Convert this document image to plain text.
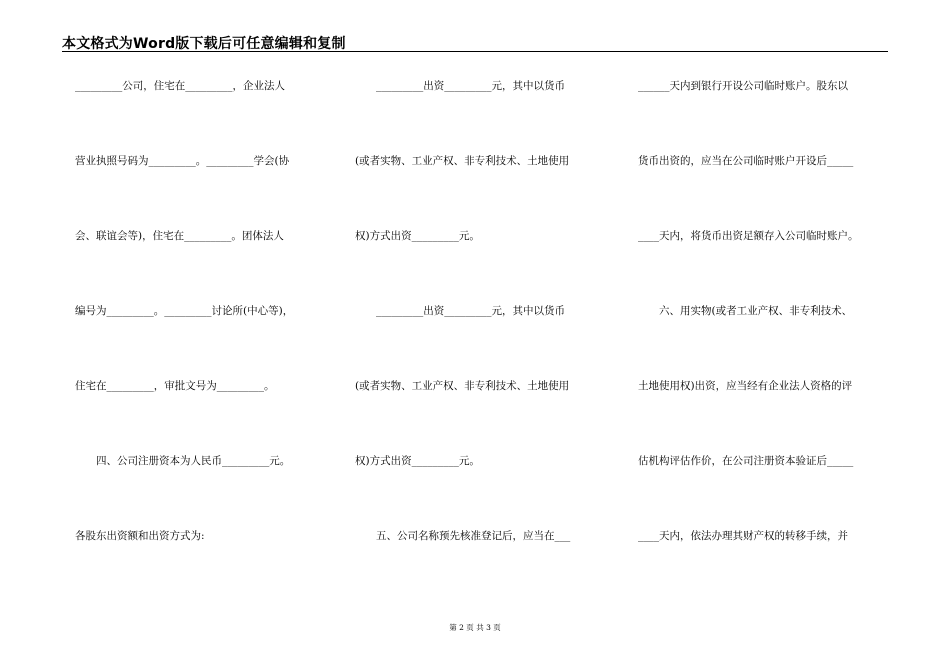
本文格式为Word版下载后可任意编辑和复制
_________公司，住宅在_________，企业法人
营业执照号码为_________。_________学会(协
会、联谊会等)，住宅在_________。团体法人
编号为_________。_________讨论所(中心等)，
住宅在_________，审批文号为_________。
　　四、公司注册资本为人民币_________元。
各股东出资额和出资方式为:
　　_________出资_________元，其中以货币
(或者实物、工业产权、非专利技术、土地使用
权)方式出资_________元。
　　_________出资_________元，其中以货币
(或者实物、工业产权、非专利技术、土地使用
权)方式出资_________元。
　　五、公司名称预先核准登记后，应当在___
______天内到银行开设公司临时账户。股东以
货币出资的，应当在公司临时账户开设后_____
____天内，将货币出资足额存入公司临时账户。
　　六、用实物(或者工业产权、非专利技术、
土地使用权)出资，应当经有企业法人资格的评
估机构评估作价，在公司注册资本验证后_____
____天内，依法办理其财产权的转移手续，并
第 2 页 共 3 页
